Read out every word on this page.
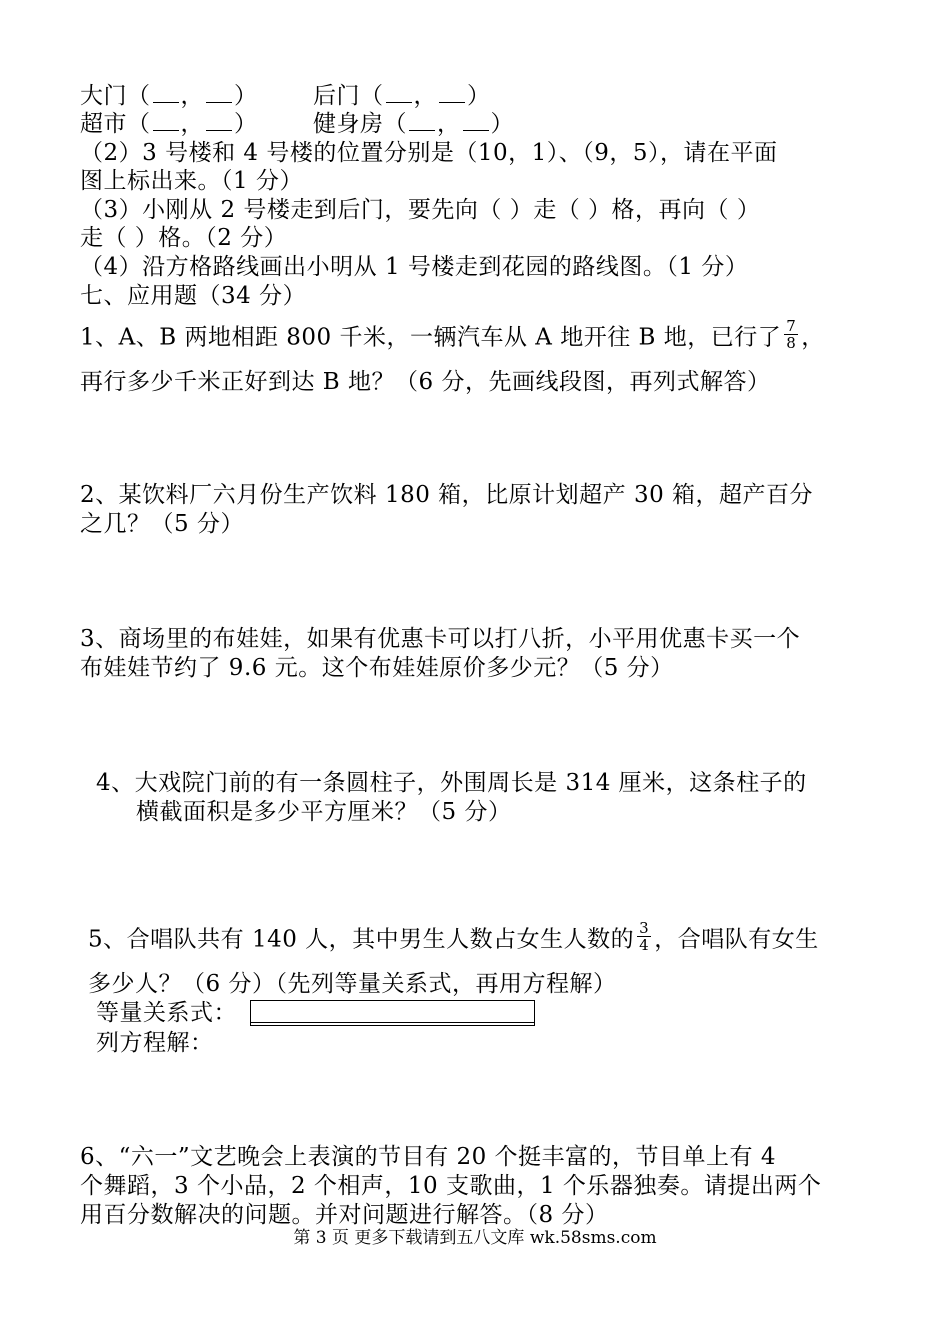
大门（ ， ） 后门（ ， ）
超市（ ， ） 健身房（ ， ）
（2）3 号楼和 4 号楼的位置分别是（10，1）、（9，5），请在平面
图上标出来。（1 分）
（3）小刚从 2 号楼走到后门，要先向（ ）走（ ）格，再向（ ）
走（ ）格。（2 分）
（4）沿方格路线画出小明从 1 号楼走到花园的路线图。（1 分）
七、应用题（34 分）
1、A、B 两地相距 800 千米，一辆汽车从 A 地开往 B 地，已行了 $\frac{7}{8}$ ，
再行多少千米正好到达 B 地？（6 分，先画线段图，再列式解答）
2、某饮料厂六月份生产饮料 180 箱，比原计划超产 30 箱，超产百分
之几？（5 分）
3、商场里的布娃娃，如果有优惠卡可以打八折，小平用优惠卡买一个
布娃娃节约了 9.6 元。这个布娃娃原价多少元？（5 分）
4、大戏院门前的有一条圆柱子，外围周长是 314 厘米，这条柱子的
横截面积是多少平方厘米？（5 分）
5、合唱队共有 140 人，其中男生人数占女生人数的 $\frac{3}{4}$ ，合唱队有女生
多少人？（6 分）（先列等量关系式，再用方程解）
等量关系式：
列方程解：
6、“六一”文艺晚会上表演的节目有 20 个挺丰富的，节目单上有 4
个舞蹈，3 个小品，2 个相声，10 支歌曲，1 个乐器独奏。请提出两个
用百分数解决的问题。并对问题进行解答。（8 分）
第 3 页 更多下载请到五八文库 wk.58sms.com
